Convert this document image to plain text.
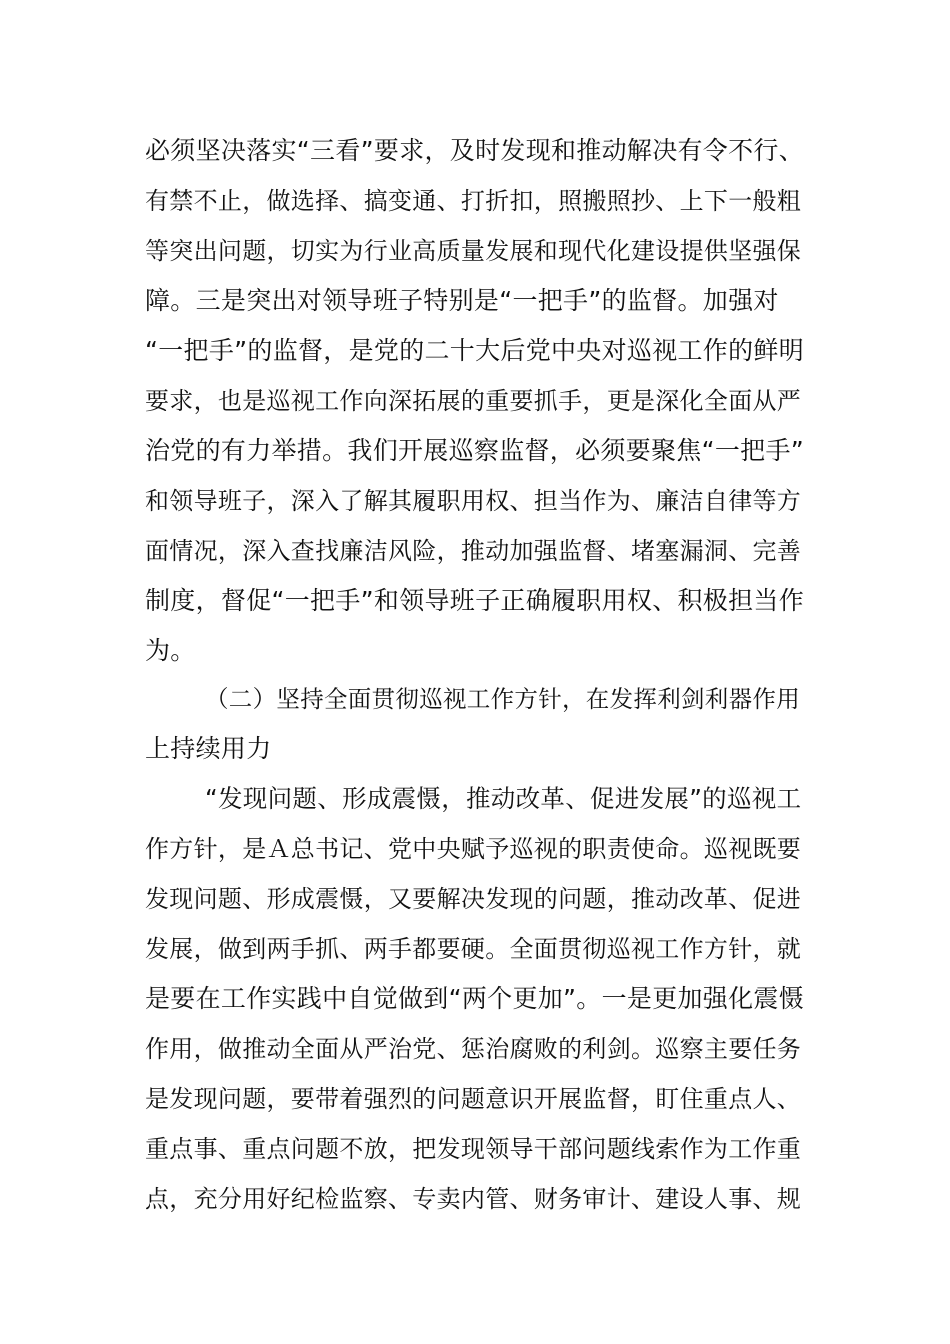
必须坚决落实“三看”要求，及时发现和推动解决有令不行、
有禁不止，做选择、搞变通、打折扣，照搬照抄、上下一般粗
等突出问题，切实为行业高质量发展和现代化建设提供坚强保
障。三是突出对领导班子特别是“一把手”的监督。加强对
“一把手”的监督，是党的二十大后党中央对巡视工作的鲜明
要求，也是巡视工作向深拓展的重要抓手，更是深化全面从严
治党的有力举措。我们开展巡察监督，必须要聚焦“一把手”
和领导班子，深入了解其履职用权、担当作为、廉洁自律等方
面情况，深入查找廉洁风险，推动加强监督、堵塞漏洞、完善
制度，督促“一把手”和领导班子正确履职用权、积极担当作
为。
（二）坚持全面贯彻巡视工作方针，在发挥利剑利器作用
上持续用力
“发现问题、形成震慑，推动改革、促进发展”的巡视工
作方针，是Ａ总书记、党中央赋予巡视的职责使命。巡视既要
发现问题、形成震慑，又要解决发现的问题，推动改革、促进
发展，做到两手抓、两手都要硬。全面贯彻巡视工作方针，就
是要在工作实践中自觉做到“两个更加”。一是更加强化震慑
作用，做推动全面从严治党、惩治腐败的利剑。巡察主要任务
是发现问题，要带着强烈的问题意识开展监督，盯住重点人、
重点事、重点问题不放，把发现领导干部问题线索作为工作重
点，充分用好纪检监察、专卖内管、财务审计、建设人事、规
